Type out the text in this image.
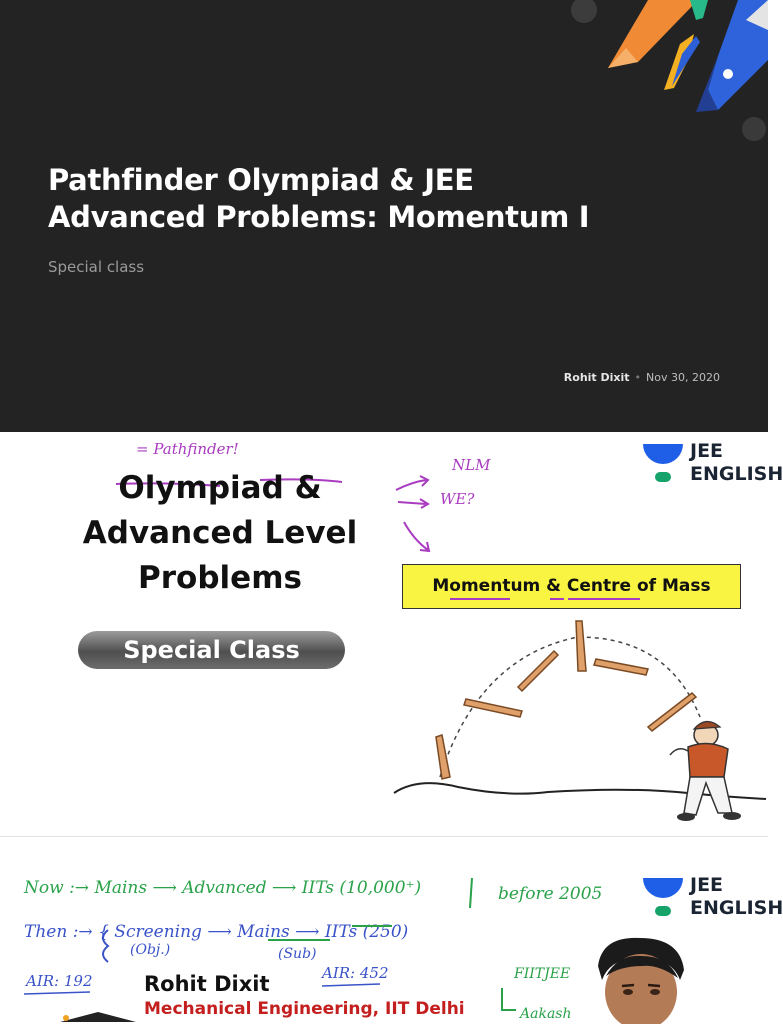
Pathfinder Olympiad & JEE
Advanced Problems: Momentum I
Special class
Rohit Dixit • Nov 30, 2020
= Pathfinder!
Olympiad &
Advanced Level
Problems
Special Class
NLM
WE?
JEE
ENGLISH
Momentum & Centre of Mass
Now :→ Mains ⟶ Advanced ⟶ IITs (10,000⁺)	before 2005
Then :→ { Screening ⟶ Mains ⟶ IITs (250)
(Obj.)	(Sub)
AIR: 192	AIR: 452	FIITJEE
Aakash
JEE
ENGLISH
Rohit Dixit
Mechanical Engineering, IIT Delhi
